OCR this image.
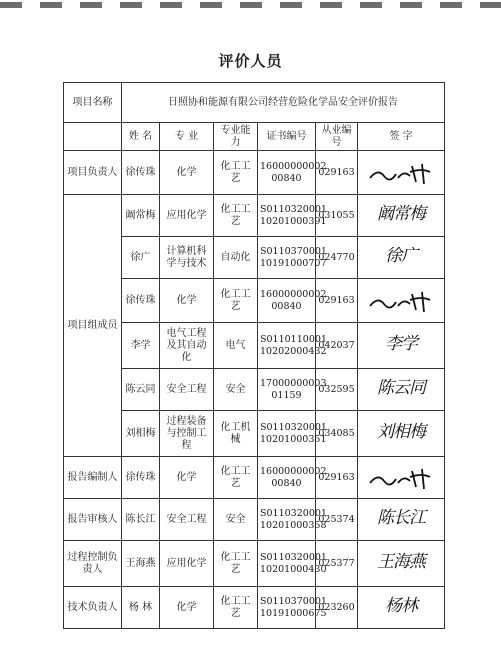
评价人员
项目名称	日照协和能源有限公司经营危险化学品安全评价报告					
	姓 名	专 业	专业能力	证书编号	从业编号	签 字
项目负责人	徐传珠	化学	化工工艺	16000000002 00840	029163	

项目组成员	阚常梅	应用化学	化工工艺	S0110320001 10201000391	031055	阚常梅
	徐广	计算机科学与技术	自动化	S0110370001 10191000707	024770	徐广
	徐传珠	化学	化工工艺	16000000002 00840	029163	

	李学	电气工程及其自动化	电气	S0110110001 10202000432	042037	李学
	陈云同	安全工程	安全	17000000003 01159	032595	陈云同
	刘相梅	过程装备与控制工程	化工机械	S0110320001 10201000351	034085	刘相梅
报告编制人	徐传珠	化学	化工工艺	16000000002 00840	029163	

报告审核人	陈长江	安全工程	安全	S0110320001 10201000358	025374	陈长江
过程控制负责人	王海燕	应用化学	化工工艺	S0110320001 10201000430	025377	王海燕
技术负责人	杨 林	化学	化工工艺	S0110370001 10191000675	023260	杨林
